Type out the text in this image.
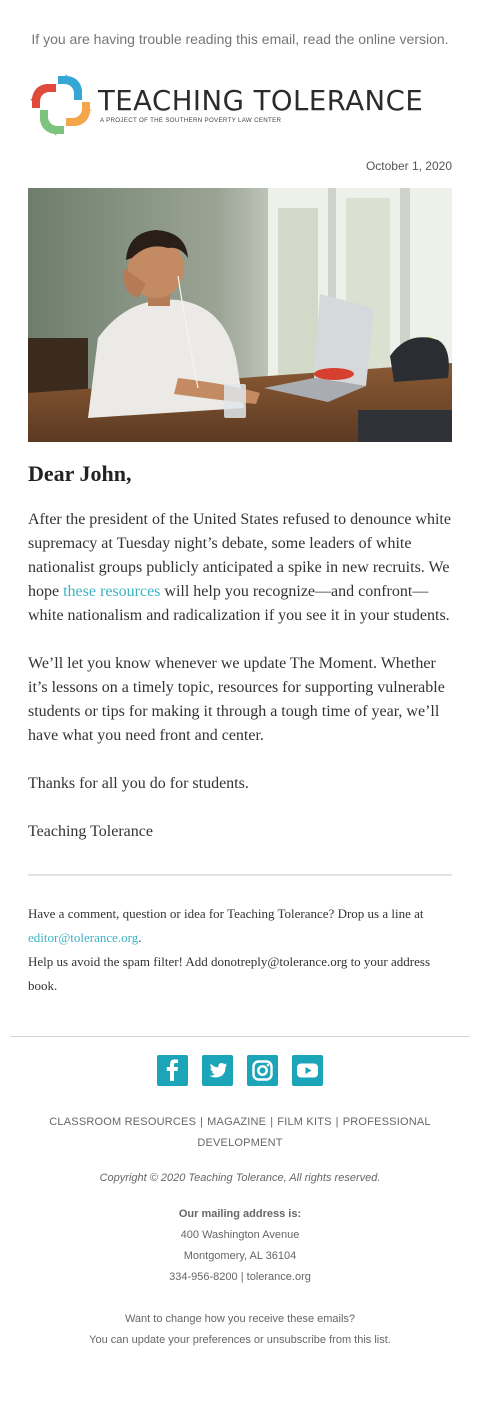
If you are having trouble reading this email, read the online version.
TEACHING TOLERANCE
A PROJECT OF THE SOUTHERN POVERTY LAW CENTER
October 1, 2020
Dear John,

After the president of the United States refused to denounce white supremacy at Tuesday night’s debate, some leaders of white nationalist groups publicly anticipated a spike in new recruits. We hope these resources will help you recognize—and confront—white nationalism and radicalization if you see it in your students.

We’ll let you know whenever we update The Moment. Whether it’s lessons on a timely topic, resources for supporting vulnerable students or tips for making it through a tough time of year, we’ll have what you need front and center.

Thanks for all you do for students.

Teaching Tolerance

Have a comment, question or idea for Teaching Tolerance? Drop us a line at editor@tolerance.org.

Help us avoid the spam filter! Add donotreply@tolerance.org to your address book.

CLASSROOM RESOURCES | MAGAZINE | FILM KITS | PROFESSIONAL DEVELOPMENT
Copyright © 2020 Teaching Tolerance, All rights reserved.
Our mailing address is:
400 Washington Avenue
Montgomery, AL 36104
334-956-8200 | tolerance.org
Want to change how you receive these emails?
You can update your preferences or unsubscribe from this list.
